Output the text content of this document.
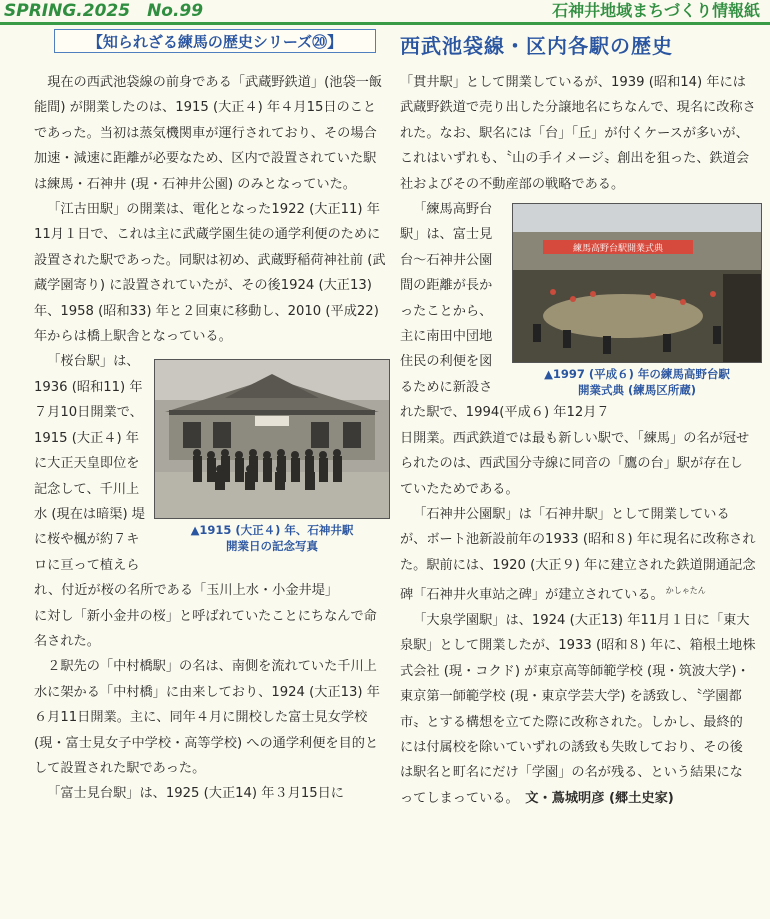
SPRING.2025　No.99	石神井地域まちづくり情報紙
【知られざる練馬の歴史シリーズ⑳】	西武池袋線・区内各駅の歴史

現在の西武池袋線の前身である「武蔵野鉄道」(池袋一飯能間) が開業したのは、1915 (大正４) 年４月15日のことであった。当初は蒸気機関車が運行されており、その場合加速・減速に距離が必要なため、区内で設置されていた駅は練馬・石神井 (現・石神井公園) のみとなっていた。

「江古田駅」の開業は、電化となった1922 (大正11) 年11月１日で、これは主に武蔵学園生徒の通学利便のために設置された駅であった。同駅は初め、武蔵野稲荷神社前 (武蔵学園寄り) に設置されていたが、その後1924 (大正13) 年、1958 (昭和33) 年と２回東に移動し、2010 (平成22) 年からは橋上駅舎となっている。

▲1915 (大正４) 年、石神井駅
開業日の記念写真

「桜台駅」は、1936 (昭和11) 年７月10日開業で、1915 (大正４) 年に大正天皇即位を記念して、千川上水 (現在は暗渠) 堤に桜や楓が約７キロに亘って植えられ、付近が桜の名所である「玉川上水・小金井堤」

に対し「新小金井の桜」と呼ばれていたことにちなんで命名された。

２駅先の「中村橋駅」の名は、南側を流れていた千川上水に架かる「中村橋」に由来しており、1924 (大正13) 年６月11日開業。主に、同年４月に開校した富士見女学校 (現・富士見女子中学校・高等学校) への通学利便を目的として設置された駅であった。

「富士見台駅」は、1925 (大正14) 年３月15日に

「貫井駅」として開業しているが、1939 (昭和14) 年には武蔵野鉄道で売り出した分譲地名にちなんで、現名に改称された。なお、駅名には「台」「丘」が付くケースが多いが、これはいずれも、〝山の手イメージ〟創出を狙った、鉄道会社およびその不動産部の戦略である。

練馬高野台駅開業式典
▲1997 (平成６) 年の練馬高野台駅
開業式典 (練馬区所蔵)

「練馬高野台駅」は、富士見台～石神井公園間の距離が長かったことから、主に南田中団地住民の利便を図るために新設された駅で、1994(平成６) 年12月７

日開業。西武鉄道では最も新しい駅で、「練馬」の名が冠せられたのは、西武国分寺線に同音の「鷹の台」駅が存在していたためである。

「石神井公園駅」は「石神井駅」として開業しているが、ボート池新設前年の1933 (昭和８) 年に現名に改称された。駅前には、1920 (大正９) 年に建立された鉄道開通記念碑「石神井火車站之碑」が建立されている。 $^{かしゃたん}$

「大泉学園駅」は、1924 (大正13) 年11月１日に「東大泉駅」として開業したが、1933 (昭和８) 年に、箱根土地株式会社 (現・コクド) が東京高等師範学校 (現・筑波大学)・東京第一師範学校 (現・東京学芸大学) を誘致し、〝学園都市〟とする構想を立てた際に改称された。しかし、最終的には付属校を除いていずれの誘致も失敗しており、その後は駅名と町名にだけ「学園」の名が残る、という結果になってしまっている。　 文・蔦城明彦 (郷土史家)
